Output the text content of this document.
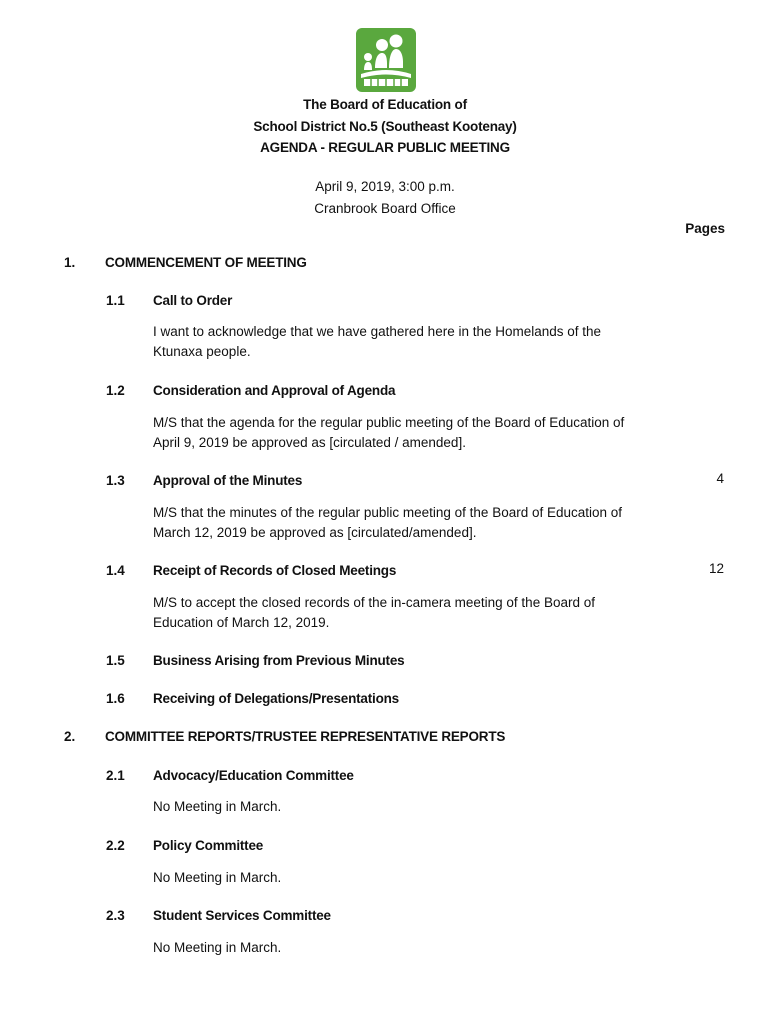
The Board of Education of
School District No.5 (Southeast Kootenay)
AGENDA - REGULAR PUBLIC MEETING
April 9, 2019, 3:00 p.m.
Cranbrook Board Office
Pages
1. COMMENCEMENT OF MEETING
1.1 Call to Order
I want to acknowledge that we have gathered here in the Homelands of the Ktunaxa people.
1.2 Consideration and Approval of Agenda
M/S that the agenda for the regular public meeting of the Board of Education of April 9, 2019 be approved as [circulated / amended].
1.3 Approval of the Minutes	4
M/S that the minutes of the regular public meeting of the Board of Education of March 12, 2019 be approved as [circulated/amended].
1.4 Receipt of Records of Closed Meetings	12
M/S to accept the closed records of the in-camera meeting of the Board of Education of March 12, 2019.
1.5 Business Arising from Previous Minutes
1.6 Receiving of Delegations/Presentations
2. COMMITTEE REPORTS/TRUSTEE REPRESENTATIVE REPORTS
2.1 Advocacy/Education Committee
No Meeting in March.
2.2 Policy Committee
No Meeting in March.
2.3 Student Services Committee
No Meeting in March.
